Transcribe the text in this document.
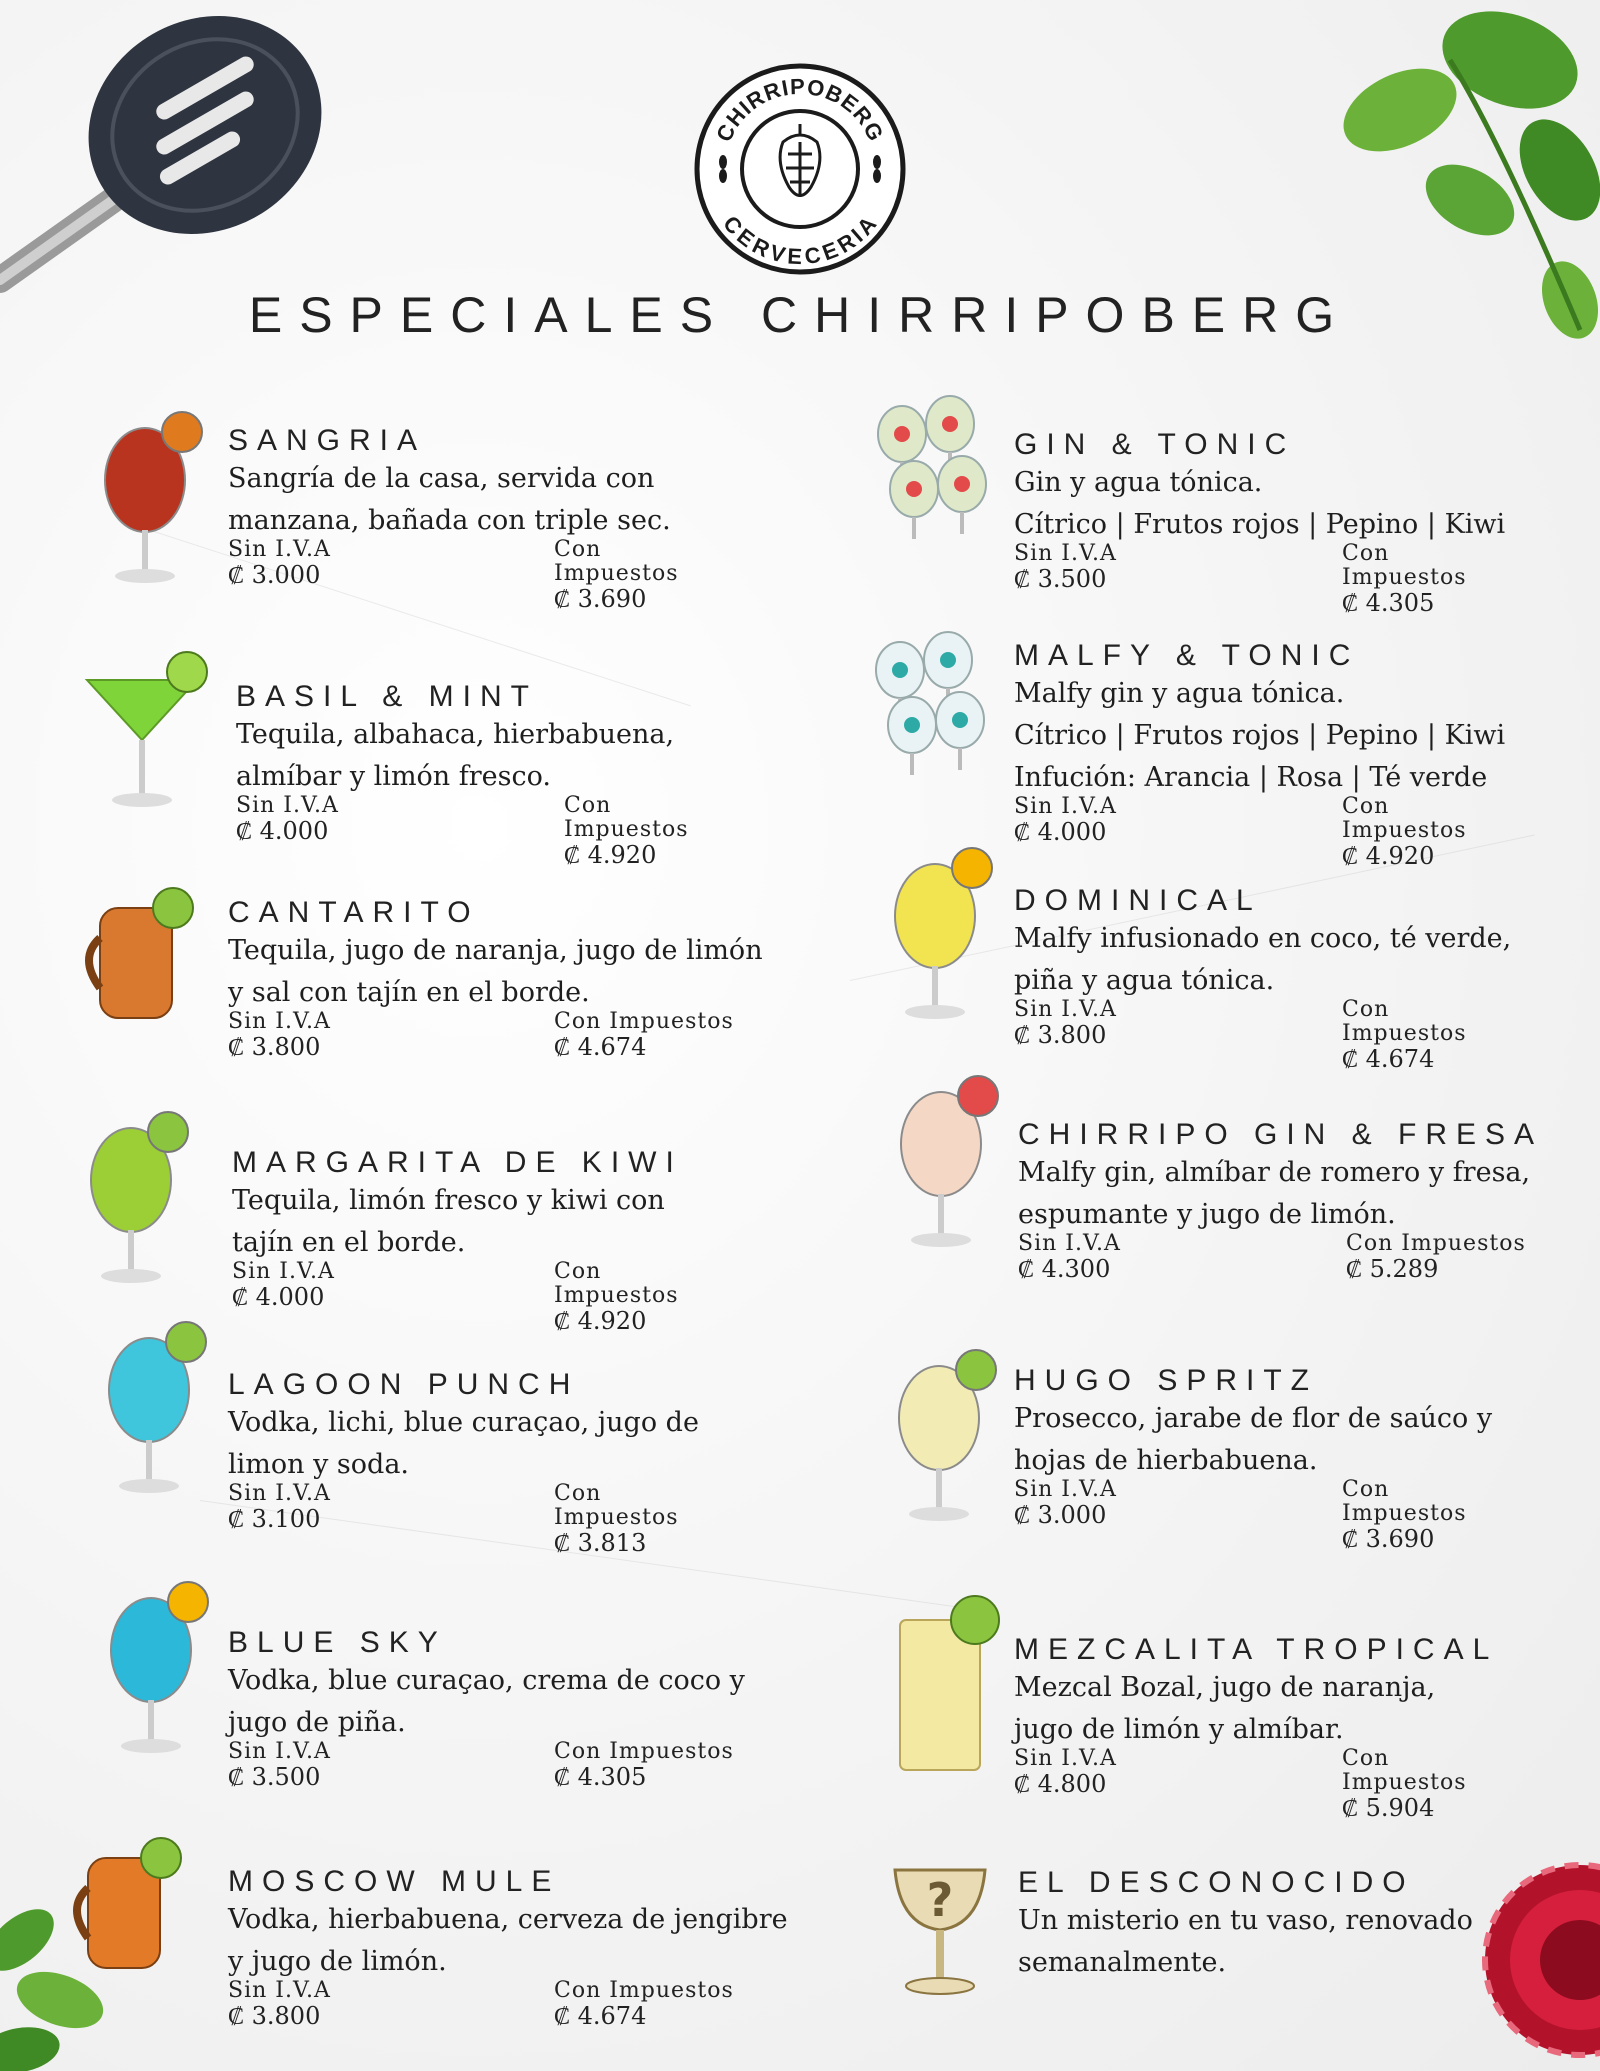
CHIRRIPOBERG
CERVECERIA
ESPECIALES CHIRRIPOBERG
SANGRIA
Sangría de la casa, servida con
manzana, bañada con triple sec.
Sin I.V.A
₡ 3.000
Con Impuestos
₡ 3.690
BASIL & MINT
Tequila, albahaca, hierbabuena,
almíbar y limón fresco.
Sin I.V.A
₡ 4.000
Con Impuestos
₡ 4.920
CANTARITO
Tequila, jugo de naranja, jugo de limón
y sal con tajín en el borde.
Sin I.V.A
₡ 3.800
Con Impuestos
₡ 4.674
MARGARITA DE KIWI
Tequila, limón fresco y kiwi con
tajín en el borde.
Sin I.V.A
₡ 4.000
Con Impuestos
₡ 4.920
LAGOON PUNCH
Vodka, lichi, blue curaçao, jugo de
limon y soda.
Sin I.V.A
₡ 3.100
Con Impuestos
₡ 3.813
BLUE SKY
Vodka, blue curaçao, crema de coco y
jugo de piña.
Sin I.V.A
₡ 3.500
Con Impuestos
₡ 4.305
MOSCOW MULE
Vodka, hierbabuena, cerveza de jengibre
y jugo de limón.
Sin I.V.A
₡ 3.800
Con Impuestos
₡ 4.674
GIN & TONIC
Gin y agua tónica.
Cítrico | Frutos rojos | Pepino | Kiwi
Sin I.V.A
₡ 3.500
Con Impuestos
₡ 4.305
MALFY & TONIC
Malfy gin y agua tónica.
Cítrico | Frutos rojos | Pepino | Kiwi
Infución: Arancia | Rosa | Té verde
Sin I.V.A
₡ 4.000
Con Impuestos
₡ 4.920
DOMINICAL
Malfy infusionado en coco, té verde,
piña y agua tónica.
Sin I.V.A
₡ 3.800
Con Impuestos
₡ 4.674
CHIRRIPO GIN & FRESA
Malfy gin, almíbar de romero y fresa,
espumante y jugo de limón.
Sin I.V.A
₡ 4.300
Con Impuestos
₡ 5.289
HUGO SPRITZ
Prosecco, jarabe de flor de saúco y
hojas de hierbabuena.
Sin I.V.A
₡ 3.000
Con Impuestos
₡ 3.690
MEZCALITA TROPICAL
Mezcal Bozal, jugo de naranja,
jugo de limón y almíbar.
Sin I.V.A
₡ 4.800
Con Impuestos
₡ 5.904
? EL DESCONOCIDO
Un misterio en tu vaso, renovado
semanalmente.
